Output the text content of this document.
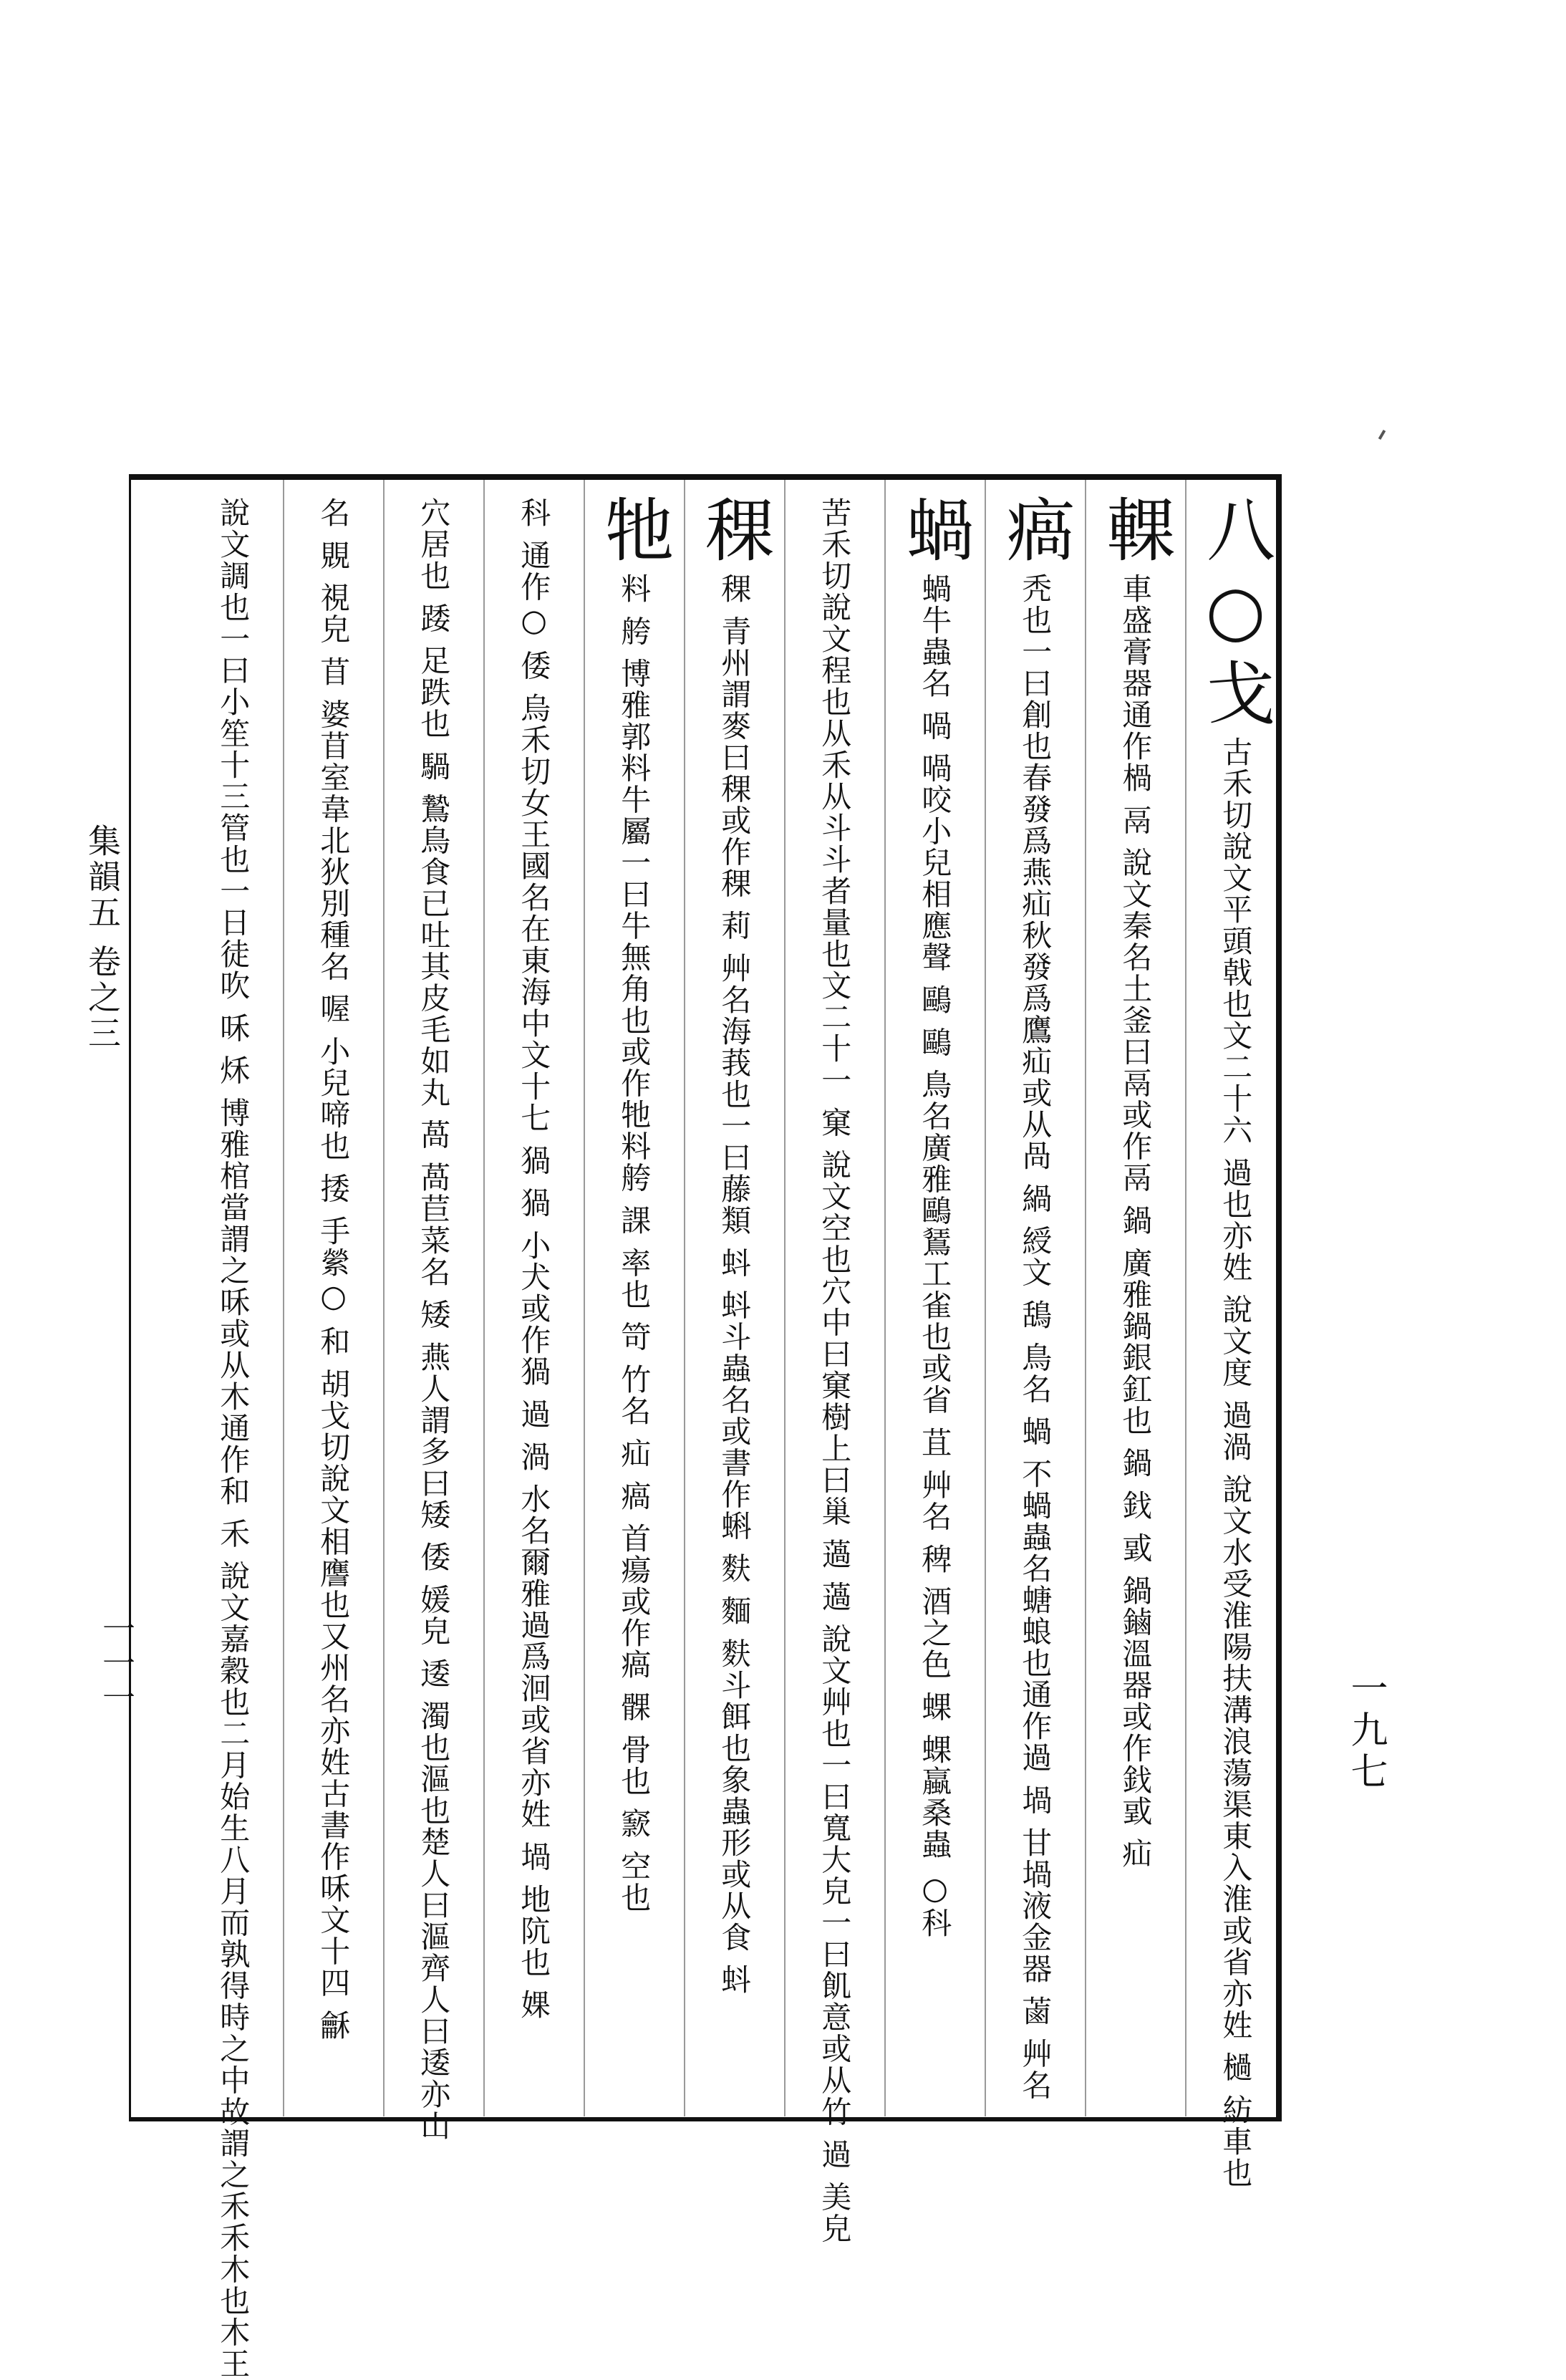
一九七
集韻五 卷之三
一一一
八○戈
古禾切說文平頭戟也文二十六 過也亦姓 說文度 過渦 說文水受淮陽扶溝浪蕩渠東入淮或省亦姓 檛 紡車也
輠
車盛膏器通作楇 鬲 說文秦名土釜曰鬲或作鬲 鍋 廣雅鍋銀釭也 鍋 鈛 戜 鍋鏀溫器或作鈛戜 疝
瘑
秃也一曰創也春發爲燕疝秋發爲鷹疝或从咼 緺 綬文 鴰 鳥名 蝸 不蝸蟲名螗蜋也通作過 堝 甘堝液金器 蓾 艸名
蝸
蝸牛蟲名 喎 喎咬小兒相應聲 鷗 鷗 鳥名廣雅鷗鵟工雀也或省 苴 艸名 稗 酒之色 蜾 蜾蠃桑蟲 ○科
苦禾切說文程也从禾从斗斗者量也文二十一 窠 說文空也穴中曰窠樹上曰巢 薖 薖 說文艸也一曰寬大皃一曰飢意或从竹 過 美皃
稞
稞 青州謂麥曰稞或作稞 莉 艸名海莪也一曰藤類 蚪 蚪斗蟲名或書作蝌 麩 麵 麩斗餌也象蟲形或从食 蚪
牠
料 舿 博雅郭料牛屬一曰牛無角也或作牠料舿 課 率也 笴 竹名 疝 瘑 首瘍或作瘑 髁 骨也 窾 空也
科 通作○ 倭 烏禾切女王國名在東海中文十七 猧 猧 小犬或作猧 過 渦 水名爾雅過爲洄或省亦姓 堝 地阬也 婐
穴居也 踒 足跌也 騧 鷙鳥食已吐其皮毛如丸 萵 萵苣菜名 矮 燕人謂多曰矮 倭 媛皃 逶 濁也漚也楚人曰漚齊人曰逶亦山
名 覞 視皃 苜 婆苜室韋北狄別種名 喔 小兒啼也 捼 手縈○ 和 胡戈切說文相譍也又州名亦姓古書作咊文十四 龢
說文調也一曰小笙十三管也一日徒吹 咊 秌 博雅棺當謂之咊或从木通作和 禾 說文嘉穀也二月始生八月而孰得時之中故謂之禾禾木也木王
